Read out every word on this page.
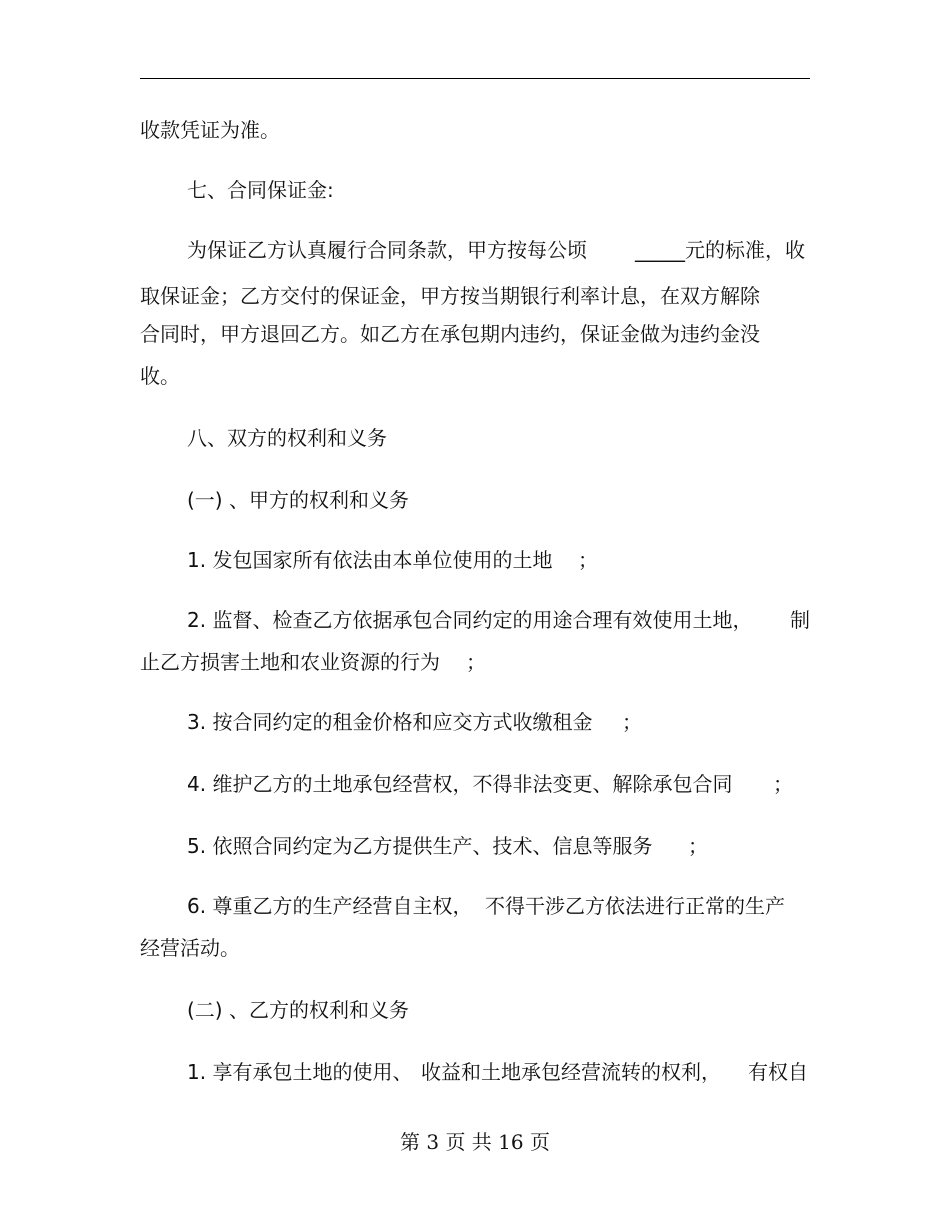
收款凭证为准。
七、合同保证金:
为保证乙方认真履行合同条款，甲方按每公顷 _____元的标准，收
取保证金；乙方交付的保证金，甲方按当期银行利率计息，在双方解除
合同时，甲方退回乙方。如乙方在承包期内违约，保证金做为违约金没
收。
八、双方的权利和义务
(一) 、甲方的权利和义务
1. 发包国家所有依法由本单位使用的土地 ；
2. 监督、检查乙方依据承包合同约定的用途合理有效使用土地， 制
止乙方损害土地和农业资源的行为 ；
3. 按合同约定的租金价格和应交方式收缴租金 ；
4. 维护乙方的土地承包经营权，不得非法变更、解除承包合同 ；
5. 依照合同约定为乙方提供生产、技术、信息等服务 ；
6. 尊重乙方的生产经营自主权， 不得干涉乙方依法进行正常的生产
经营活动。
(二) 、乙方的权利和义务
1. 享有承包土地的使用、 收益和土地承包经营流转的权利， 有权自
第 3 页 共 16 页
